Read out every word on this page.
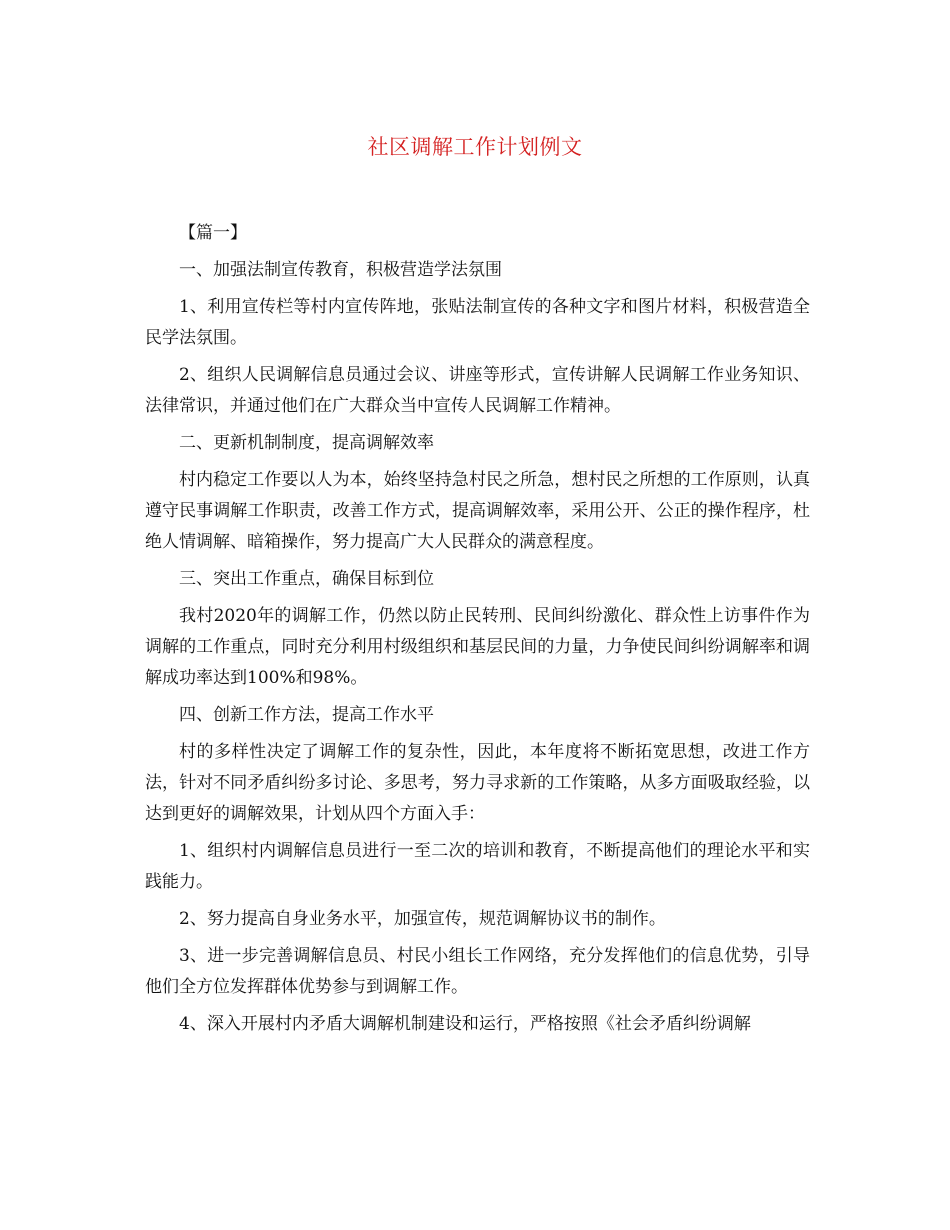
社区调解工作计划例文

【篇一】

一、加强法制宣传教育，积极营造学法氛围

1、利用宣传栏等村内宣传阵地，张贴法制宣传的各种文字和图片材料，积极营造全民学法氛围。

2、组织人民调解信息员通过会议、讲座等形式，宣传讲解人民调解工作业务知识、法律常识，并通过他们在广大群众当中宣传人民调解工作精神。

二、更新机制制度，提高调解效率

村内稳定工作要以人为本，始终坚持急村民之所急，想村民之所想的工作原则，认真遵守民事调解工作职责，改善工作方式，提高调解效率，采用公开、公正的操作程序，杜绝人情调解、暗箱操作，努力提高广大人民群众的满意程度。

三、突出工作重点，确保目标到位

我村2020年的调解工作，仍然以防止民转刑、民间纠纷激化、群众性上访事件作为调解的工作重点，同时充分利用村级组织和基层民间的力量，力争使民间纠纷调解率和调解成功率达到100%和98%。

四、创新工作方法，提高工作水平

村的多样性决定了调解工作的复杂性，因此，本年度将不断拓宽思想，改进工作方法，针对不同矛盾纠纷多讨论、多思考，努力寻求新的工作策略，从多方面吸取经验，以达到更好的调解效果，计划从四个方面入手：

1、组织村内调解信息员进行一至二次的培训和教育，不断提高他们的理论水平和实践能力。

2、努力提高自身业务水平，加强宣传，规范调解协议书的制作。

3、进一步完善调解信息员、村民小组长工作网络，充分发挥他们的信息优势，引导他们全方位发挥群体优势参与到调解工作。

4、深入开展村内矛盾大调解机制建设和运行，严格按照《社会矛盾纠纷调解
